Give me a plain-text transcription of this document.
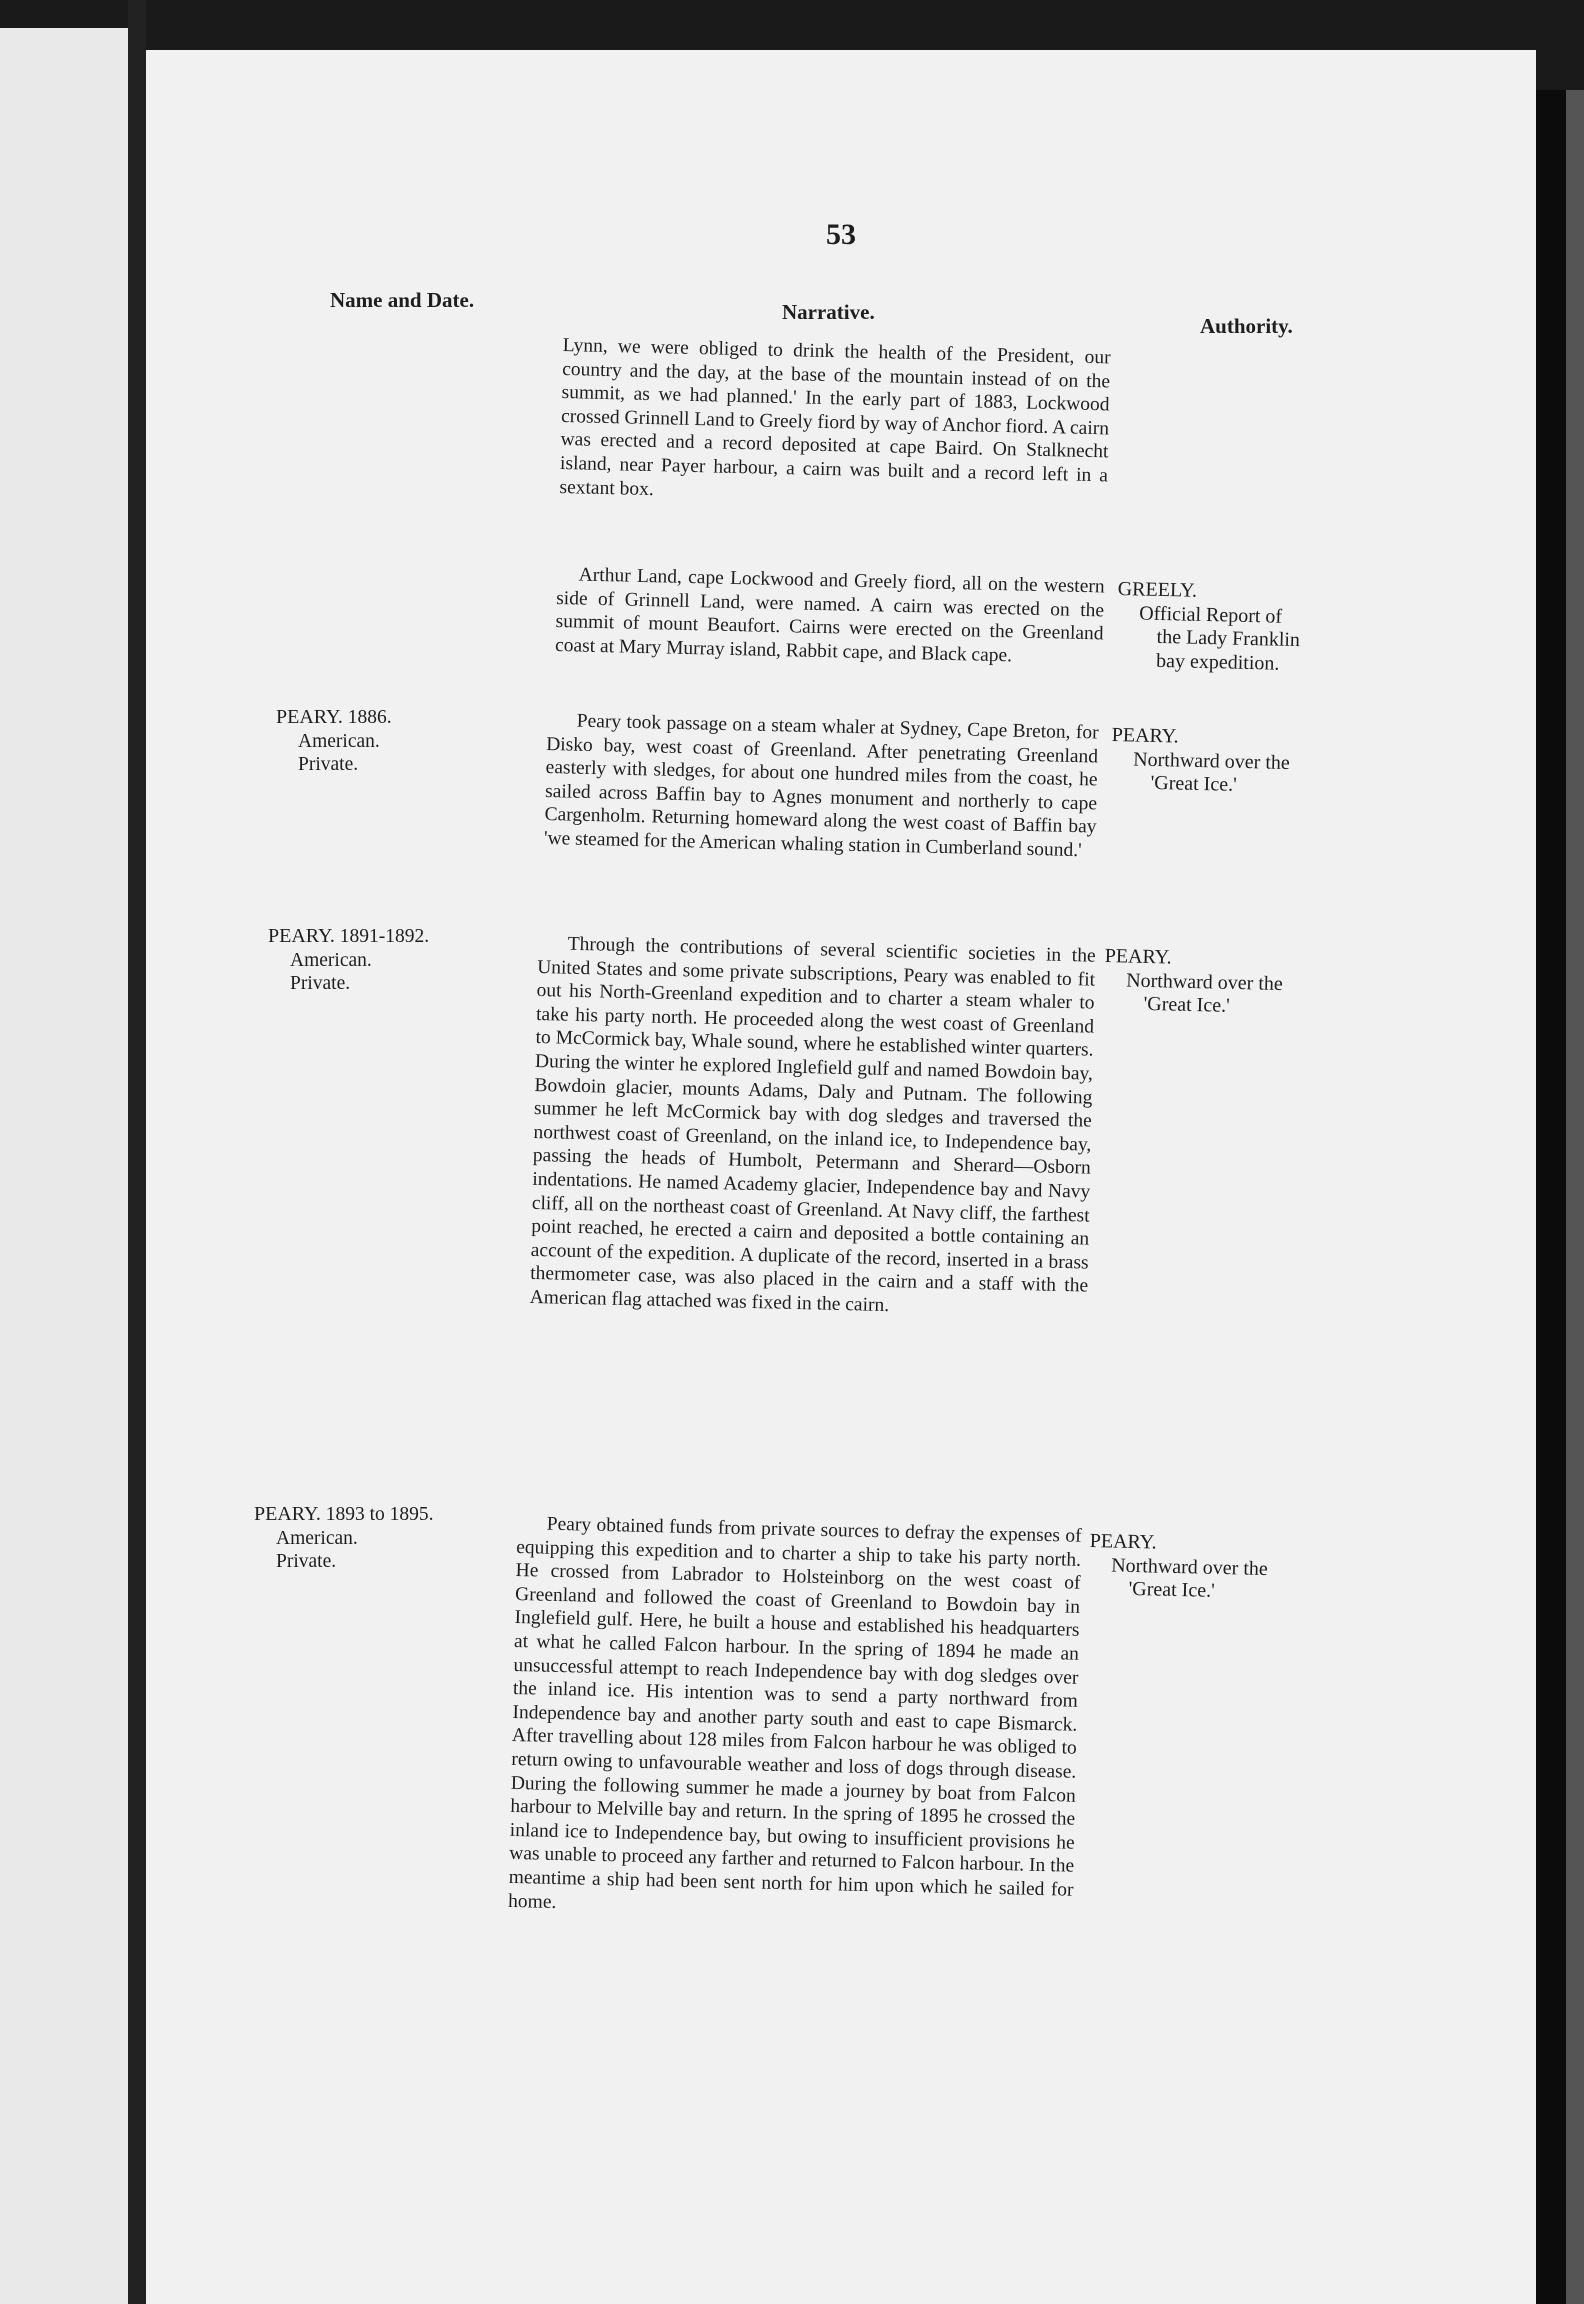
53
Name and Date.	Narrative.
Authority.

Lynn, we were obliged to drink the health of the President, our country and the day, at the base of the mountain instead of on the summit, as we had planned.' In the early part of 1883, Lockwood crossed Grinnell Land to Greely fiord by way of Anchor fiord. A cairn was erected and a record deposited at cape Baird. On Stalknecht island, near Payer harbour, a cairn was built and a record left in a sextant box.

Arthur Land, cape Lockwood and Greely fiord, all on the western side of Grinnell Land, were named. A cairn was erected on the summit of mount Beaufort. Cairns were erected on the Greenland coast at Mary Murray island, Rabbit cape, and Black cape.

Peary took passage on a steam whaler at Sydney, Cape Breton, for Disko bay, west coast of Greenland. After penetrating Greenland easterly with sledges, for about one hundred miles from the coast, he sailed across Baffin bay to Agnes monument and northerly to cape Cargenholm. Returning homeward along the west coast of Baffin bay 'we steamed for the American whaling station in Cumberland sound.'

Through the contributions of several scientific societies in the United States and some private subscriptions, Peary was enabled to fit out his North-Greenland expedition and to charter a steam whaler to take his party north. He proceeded along the west coast of Greenland to McCormick bay, Whale sound, where he established winter quarters. During the winter he explored Inglefield gulf and named Bowdoin bay, Bowdoin glacier, mounts Adams, Daly and Putnam. The following summer he left McCormick bay with dog sledges and traversed the northwest coast of Greenland, on the inland ice, to Independence bay, passing the heads of Humbolt, Petermann and Sherard—Osborn indentations. He named Academy glacier, Independence bay and Navy cliff, all on the northeast coast of Greenland. At Navy cliff, the farthest point reached, he erected a cairn and deposited a bottle containing an account of the expedition. A duplicate of the record, inserted in a brass thermometer case, was also placed in the cairn and a staff with the American flag attached was fixed in the cairn.

Peary obtained funds from private sources to defray the expenses of equipping this expedition and to charter a ship to take his party north. He crossed from Labrador to Holsteinborg on the west coast of Greenland and followed the coast of Greenland to Bowdoin bay in Inglefield gulf. Here, he built a house and established his headquarters at what he called Falcon harbour. In the spring of 1894 he made an unsuccessful attempt to reach Independence bay with dog sledges over the inland ice. His intention was to send a party northward from Independence bay and another party south and east to cape Bismarck. After travelling about 128 miles from Falcon harbour he was obliged to return owing to unfavourable weather and loss of dogs through disease. During the following summer he made a journey by boat from Falcon harbour to Melville bay and return. In the spring of 1895 he crossed the inland ice to Independence bay, but owing to insufficient provisions he was unable to proceed any farther and returned to Falcon harbour. In the meantime a ship had been sent north for him upon which he sailed for home.

PEARY. 1886.
American.
Private.
PEARY. 1891-1892.
American.
Private.
PEARY. 1893 to 1895.
American.
Private.
GREELY.
Official Report of
the Lady Franklin
bay expedition.
PEARY.
Northward over the
'Great Ice.'
PEARY.
Northward over the
'Great Ice.'
PEARY.
Northward over the
'Great Ice.'
